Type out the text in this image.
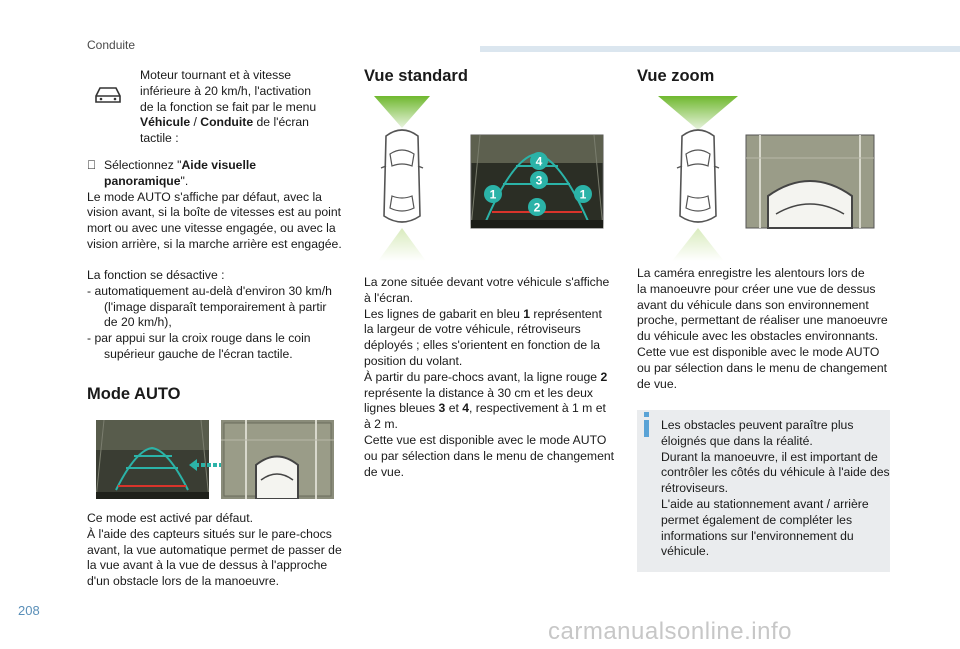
Conduite
Moteur tournant et à vitesse
inférieure à 20 km/h, l'activation
de la fonction se fait par le menu
Véhicule / Conduite de l'écran
tactile :
Sélectionnez "Aide visuelle panoramique".
Le mode AUTO s'affiche par défaut, avec la
vision avant, si la boîte de vitesses est au point
mort ou avec une vitesse engagée, ou avec la
vision arrière, si la marche arrière est engagée.
La fonction se désactive :
- automatiquement au-delà d'environ 30 km/h
(l'image disparaît temporairement à partir
de 20 km/h),
- par appui sur la croix rouge dans le coin
supérieur gauche de l'écran tactile.
Mode AUTO
Ce mode est activé par défaut.
À l'aide des capteurs situés sur le pare-chocs
avant, la vue automatique permet de passer de
la vue avant à la vue de dessus à l'approche
d'un obstacle lors de la manoeuvre.
Vue standard
4
3
1
2
1
La zone située devant votre véhicule s'affiche
à l'écran.
Les lignes de gabarit en bleu 1 représentent
la largeur de votre véhicule, rétroviseurs
déployés ; elles s'orientent en fonction de la
position du volant.
À partir du pare-chocs avant, la ligne rouge 2
représente la distance à 30 cm et les deux
lignes bleues 3 et 4, respectivement à 1 m et
à 2 m.
Cette vue est disponible avec le mode AUTO
ou par sélection dans le menu de changement
de vue.
Vue zoom
La caméra enregistre les alentours lors de
la manoeuvre pour créer une vue de dessus
avant du véhicule dans son environnement
proche, permettant de réaliser une manoeuvre
du véhicule avec les obstacles environnants.
Cette vue est disponible avec le mode AUTO
ou par sélection dans le menu de changement
de vue.
Les obstacles peuvent paraître plus
éloignés que dans la réalité.
Durant la manoeuvre, il est important de
contrôler les côtés du véhicule à l'aide des
rétroviseurs.
L'aide au stationnement avant / arrière
permet également de compléter les
informations sur l'environnement du
véhicule.
208
carmanualsonline.info
